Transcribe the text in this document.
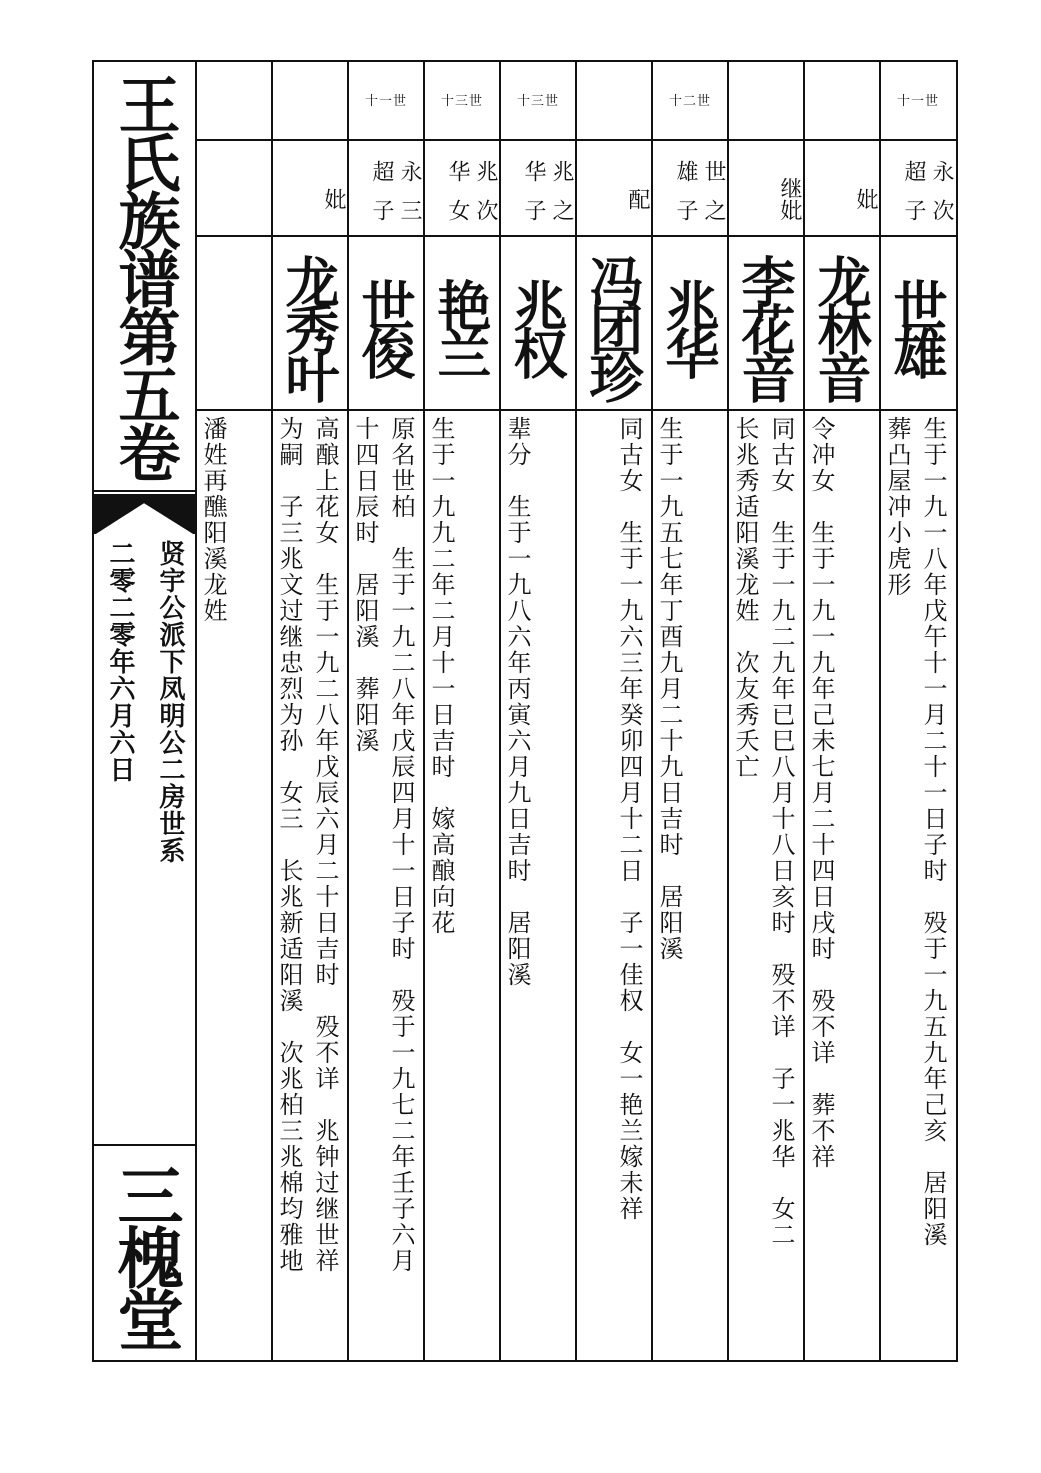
王氏族谱第五卷
贤宇公派下凤明公二房世系
二零二零年六月六日
三槐堂

潘姓再醮阳溪龙姓
妣
龙秀叶
高酿上花女　生于一九二八年戊辰六月二十日吉时　殁不详　兆钟过继世祥
为嗣　子三兆文过继忠烈为孙　女三　长兆新适阳溪　次兆柏三兆棉均雅地
十一世
永超
三子
世俊
原名世柏　生于一九二八年戊辰四月十一日子时　殁于一九七二年壬子六月
十四日辰时　居阳溪　葬阳溪
十三世
兆华
次女
艳兰

生于一九九二年二月十一日吉时　嫁高酿向花
十三世
兆华
之子
兆权

辈分　生于一九八六年丙寅六月九日吉时　居阳溪
配
冯团珍
同古女　生于一九六三年癸卯四月十二日　子一佳权　女一艳兰嫁未祥
十二世
世雄
之子
兆华

生于一九五七年丁酉九月二十九日吉时　居阳溪
继
妣
李花音
同古女　生于一九二九年已巳八月十八日亥时　殁不详　子一兆华　女二
长兆秀适阳溪龙姓　次友秀夭亡
妣
龙林音

令冲女　生于一九一九年己未七月二十四日戌时　殁不详　葬不祥
十一世
永超
次子
世雄
生于一九一八年戊午十一月二十一日子时　殁于一九五九年己亥　居阳溪
葬凸屋冲小虎形
